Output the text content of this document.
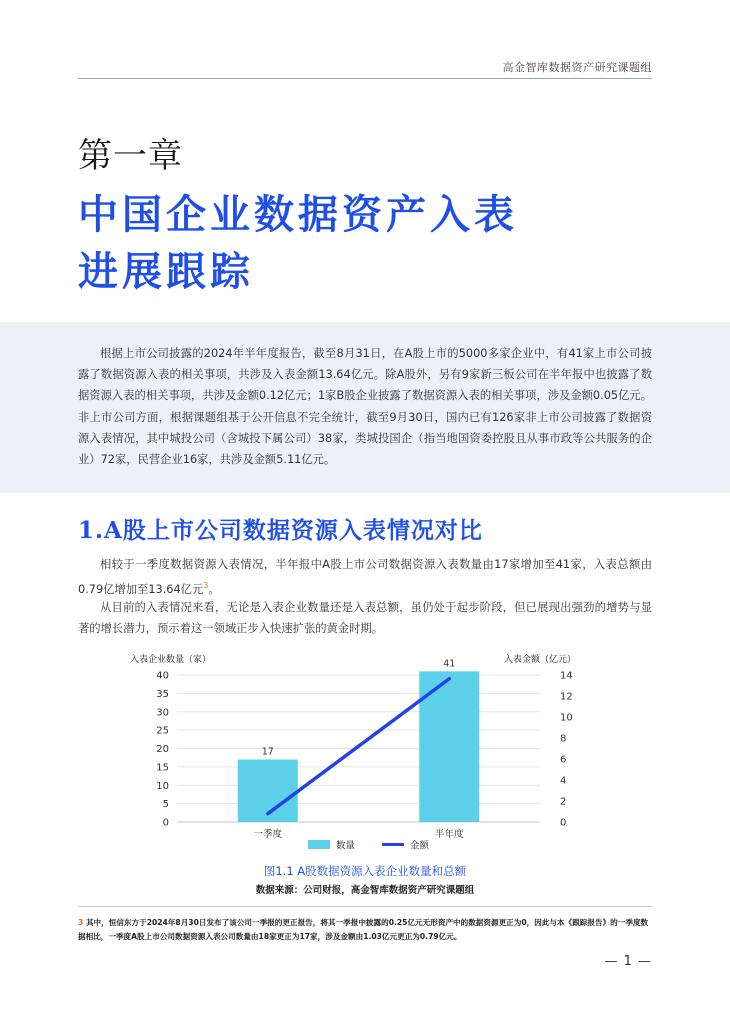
高金智库数据资产研究课题组
第一章
中国企业数据资产入表
进展跟踪

根据上市公司披露的2024年半年度报告，截至8月31日，在A股上市的5000多家企业中，有41家上市公司披露了数据资源入表的相关事项，共涉及入表金额13.64亿元。除A股外，另有9家新三板公司在半年报中也披露了数据资源入表的相关事项，共涉及金额0.12亿元；1家B股企业披露了数据资源入表的相关事项，涉及金额0.05亿元。非上市公司方面，根据课题组基于公开信息不完全统计，截至9月30日，国内已有126家非上市公司披露了数据资源入表情况，其中城投公司（含城投下属公司）38家，类城投国企（指当地国资委控股且从事市政等公共服务的企业）72家，民营企业16家，共涉及金额5.11亿元。

1.A股上市公司数据资源入表情况对比

相较于一季度数据资源入表情况，半年报中A股上市公司数据资源入表数量由17家增加至41家，入表总额由0.79亿增加至13.64亿元$^3$。

从目前的入表情况来看，无论是入表企业数量还是入表总额，虽仍处于起步阶段，但已展现出强劲的增势与显著的增长潜力，预示着这一领域正步入快速扩张的黄金时期。

入表企业数量（家）	入表金额（亿元）
0
5
10
15
20
25
30
35
40
0
2
4
6
8
10
12
14
17
41
一季度	半年度
数量	金额
图1.1 A股数据资源入表企业数量和总额
数据来源：公司财报，高金智库数据资产研究课题组

3 其中，恒信东方于2024年8月30日发布了该公司一季报的更正报告，将其一季报中披露的0.25亿元无形资产中的数据资源更正为0，因此与本《跟踪报告》的一季度数据相比，一季度A股上市公司数据资源入表公司数量由18家更正为17家，涉及金额由1.03亿元更正为0.79亿元。

— 1 —
